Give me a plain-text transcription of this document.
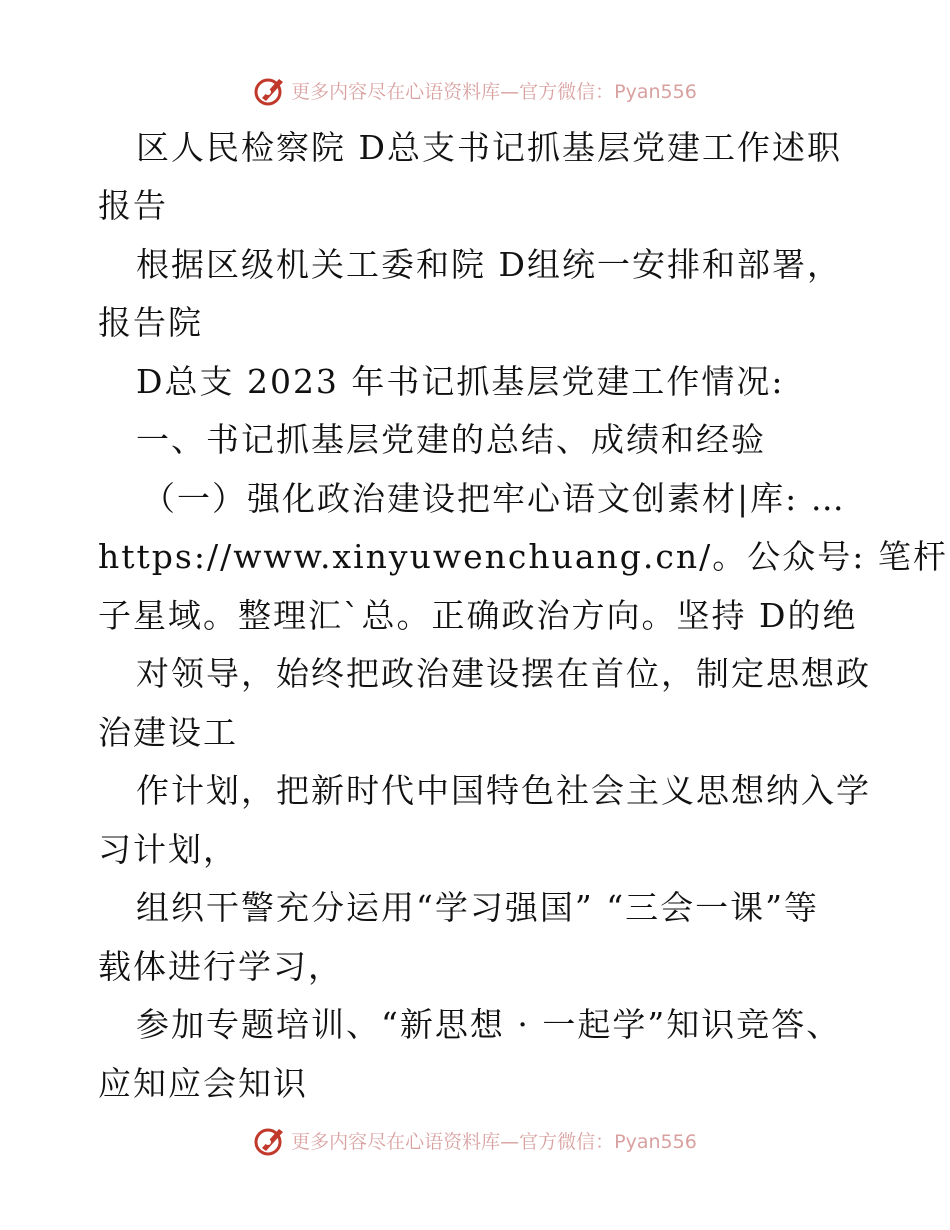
更多内容尽在心语资料库—官方微信：Pyan556
区人民检察院 D总支书记抓基层党建工作述职
报告
根据区级机关工委和院 D组统一安排和部署，
报告院
D总支 2023 年书记抓基层党建工作情况:
一、书记抓基层党建的总结、成绩和经验
（一）强化政治建设把牢心语文创素材|库: …
https://www.xinyuwenchuang.cn/。公众号: 笔杆
子星域。整理汇ˋ总。正确政治方向。坚持 D的绝
对领导，始终把政治建设摆在首位，制定思想政
治建设工
作计划，把新时代中国特色社会主义思想纳入学
习计划，
组织干警充分运用“学习强国” “三会一课”等
载体进行学习，
参加专题培训、“新思想 · 一起学”知识竞答、
应知应会知识
更多内容尽在心语资料库—官方微信：Pyan556
